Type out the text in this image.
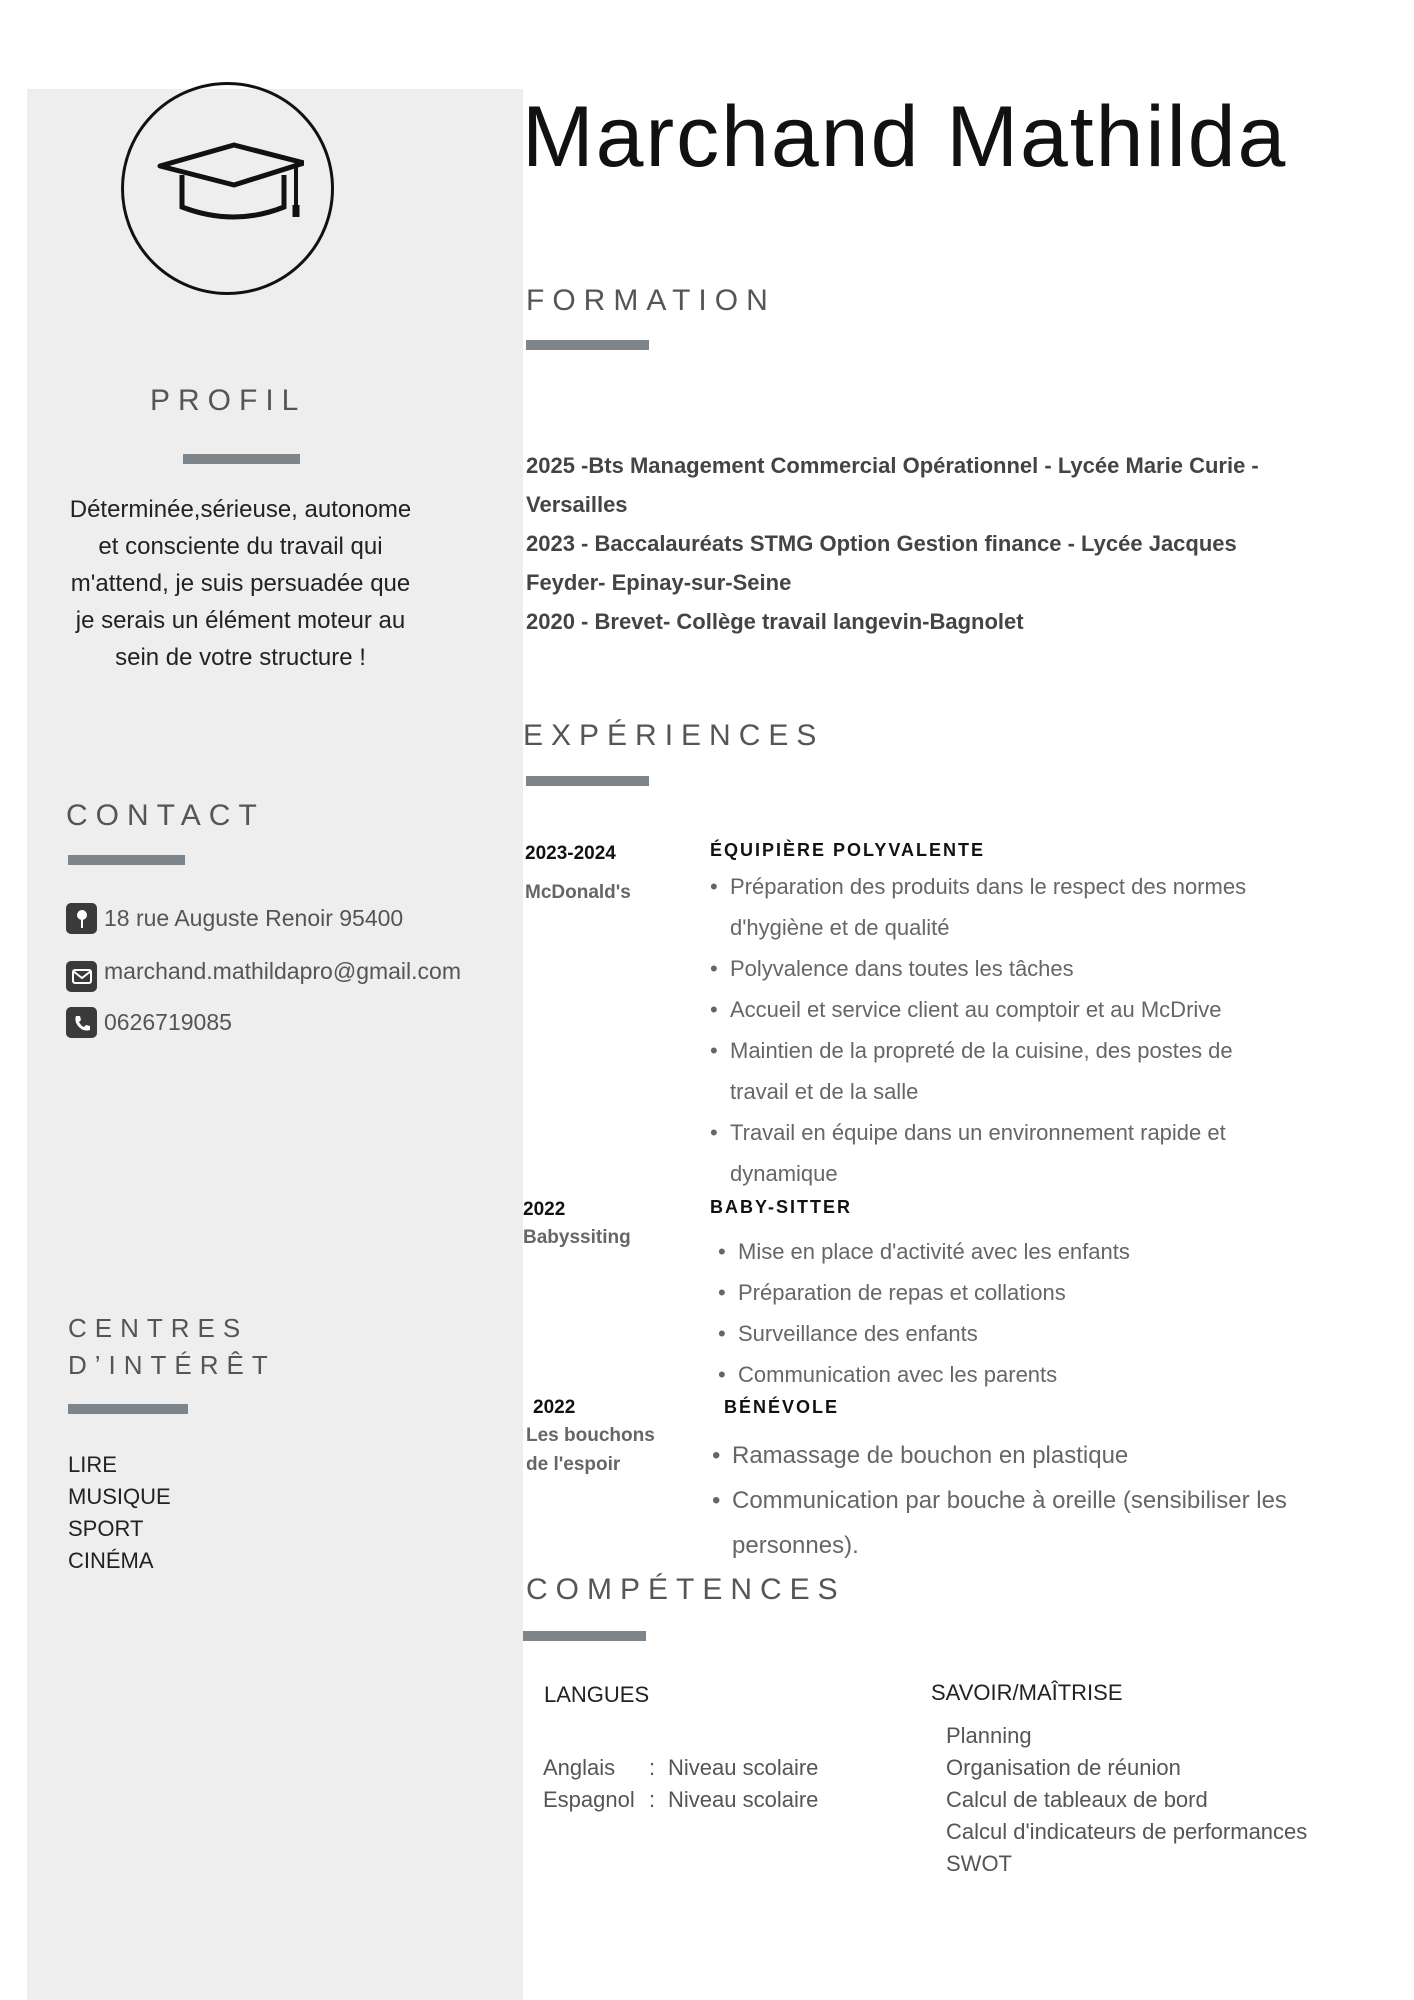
PROFIL
Déterminée,sérieuse, autonome et consciente du travail qui m'attend, je suis persuadée que je serais un élément moteur au sein de votre structure !
CONTACT
18 rue Auguste Renoir 95400
marchand.mathildapro@gmail.com
0626719085
CENTRES
D’INTÉRÊT
LIRE
MUSIQUE
SPORT
CINÉMA
Marchand Mathilda
FORMATION
2025 -Bts Management Commercial Opérationnel - Lycée Marie Curie -
Versailles
2023 - Baccalauréats STMG Option Gestion finance - Lycée Jacques
Feyder- Epinay-sur-Seine
2020 - Brevet- Collège travail langevin-Bagnolet
EXPÉRIENCES
2023-2024
McDonald's
ÉQUIPIÈRE POLYVALENTE
• Préparation des produits dans le respect des normes d'hygiène et de qualité
• Polyvalence dans toutes les tâches
• Accueil et service client au comptoir et au McDrive
• Maintien de la propreté de la cuisine, des postes de travail et de la salle
• Travail en équipe dans un environnement rapide et dynamique
2022
Babyssiting
BABY-SITTER
• Mise en place d'activité avec les enfants
• Préparation de repas et collations
• Surveillance des enfants
• Communication avec les parents
2022
Les bouchons
de l'espoir
BÉNÉVOLE
• Ramassage de bouchon en plastique
• Communication par bouche à oreille (sensibiliser les personnes).
COMPÉTENCES
LANGUES
Anglais : Niveau scolaire
Espagnol : Niveau scolaire
SAVOIR/MAÎTRISE
Planning
Organisation de réunion
Calcul de tableaux de bord
Calcul d'indicateurs de performances
SWOT
